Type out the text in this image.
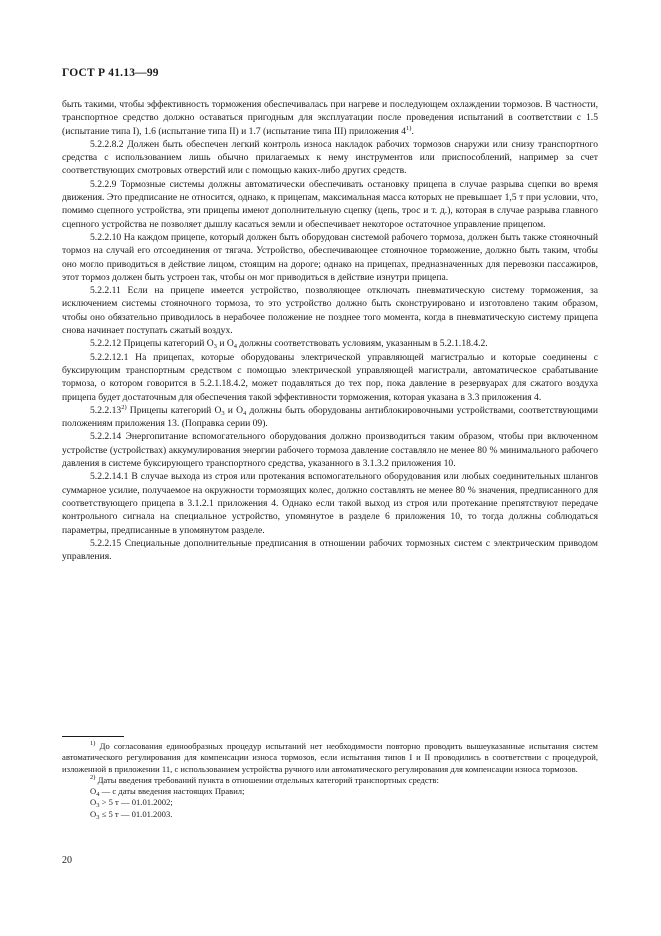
ГОСТ Р 41.13—99

быть такими, чтобы эффективность торможения обеспечивалась при нагреве и последующем охлаждении тормозов. В частности, транспортное средство должно оставаться пригодным для эксплуатации после проведения испытаний в соответствии с 1.5 (испытание типа I), 1.6 (испытание типа II) и 1.7 (испытание типа III) приложения 4$^{1)}$.

5.2.2.8.2 Должен быть обеспечен легкий контроль износа накладок рабочих тормозов снаружи или снизу транспортного средства с использованием лишь обычно прилагаемых к нему инструментов или приспособлений, например за счет соответствующих смотровых отверстий или с помощью каких-либо других средств.

5.2.2.9 Тормозные системы должны автоматически обеспечивать остановку прицепа в случае разрыва сцепки во время движения. Это предписание не относится, однако, к прицепам, максимальная масса которых не превышает 1,5 т при условии, что, помимо сцепного устройства, эти прицепы имеют дополнительную сцепку (цепь, трос и т. д.), которая в случае разрыва главного сцепного устройства не позволяет дышлу касаться земли и обеспечивает некоторое остаточное управление прицепом.

5.2.2.10 На каждом прицепе, который должен быть оборудован системой рабочего тормоза, должен быть также стояночный тормоз на случай его отсоединения от тягача. Устройство, обеспечивающее стояночное торможение, должно быть таким, чтобы оно могло приводиться в действие лицом, стоящим на дороге; однако на прицепах, предназначенных для перевозки пассажиров, этот тормоз должен быть устроен так, чтобы он мог приводиться в действие изнутри прицепа.

5.2.2.11 Если на прицепе имеется устройство, позволяющее отключать пневматическую систему торможения, за исключением системы стояночного тормоза, то это устройство должно быть сконструировано и изготовлено таким образом, чтобы оно обязательно приводилось в нерабочее положение не позднее того момента, когда в пневматическую систему прицепа снова начинает поступать сжатый воздух.

5.2.2.12 Прицепы категорий $O_3$ и $O_4$ должны соответствовать условиям, указанным в 5.2.1.18.4.2.

5.2.2.12.1 На прицепах, которые оборудованы электрической управляющей магистралью и которые соединены с буксирующим транспортным средством с помощью электрической управляющей магистрали, автоматическое срабатывание тормоза, о котором говорится в 5.2.1.18.4.2, может подавляться до тех пор, пока давление в резервуарах для сжатого воздуха прицепа будет достаточным для обеспечения такой эффективности торможения, которая указана в 3.3 приложения 4.

5.2.2.13$^{2)}$ Прицепы категорий $O_3$ и $O_4$ должны быть оборудованы антиблокировочными устройствами, соответствующими положениям приложения 13. (Поправка серии 09).

5.2.2.14 Энергопитание вспомогательного оборудования должно производиться таким образом, чтобы при включенном устройстве (устройствах) аккумулирования энергии рабочего тормоза давление составляло не менее 80 % минимального рабочего давления в системе буксирующего транспортного средства, указанного в 3.1.3.2 приложения 10.

5.2.2.14.1 В случае выхода из строя или протекания вспомогательного оборудования или любых соединительных шлангов суммарное усилие, получаемое на окружности тормозящих колес, должно составлять не менее 80 % значения, предписанного для соответствующего прицепа в 3.1.2.1 приложения 4. Однако если такой выход из строя или протекание препятствуют передаче контрольного сигнала на специальное устройство, упомянутое в разделе 6 приложения 10, то тогда должны соблюдаться параметры, предписанные в упомянутом разделе.

5.2.2.15 Специальные дополнительные предписания в отношении рабочих тормозных систем с электрическим приводом управления.

$^{1)}$ До согласования единообразных процедур испытаний нет необходимости повторно проводить вышеуказанные испытания систем автоматического регулирования для компенсации износа тормозов, если испытания типов I и II проводились в соответствии с процедурой, изложенной в приложении 11, с использованием устройства ручного или автоматического регулирования для компенсации износа тормозов.

$^{2)}$ Даты введения требований пункта в отношении отдельных категорий транспортных средств:

$O_4$ — с даты введения настоящих Правил;

$O_3 > 5$ т — 01.01.2002;

$O_3 \le 5$ т — 01.01.2003.

20
